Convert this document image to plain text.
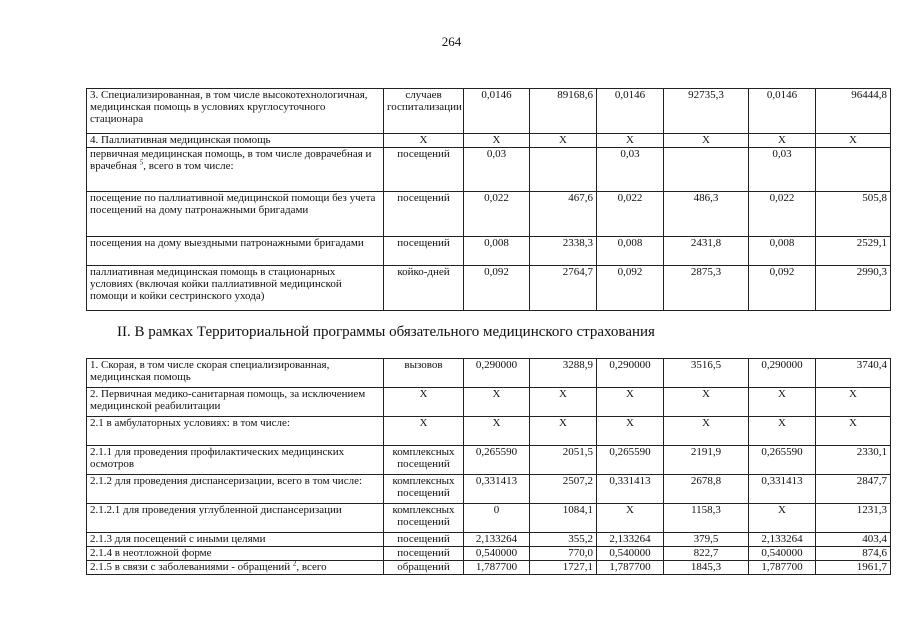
264
3. Специализированная, в том числе высокотехнологичная, медицинская помощь в условиях круглосуточного стационара	случаев госпитализации	0,0146	89168,6	0,0146	92735,3	0,0146	96444,8
4. Паллиативная медицинская помощь	X	X	X	X	X	X	X
первичная медицинская помощь, в том числе доврачебная и врачебная $^5$, всего в том числе:	посещений	0,03		0,03		0,03	
посещение по паллиативной медицинской помощи без учета посещений на дому патронажными бригадами	посещений	0,022	467,6	0,022	486,3	0,022	505,8
посещения на дому выездными патронажными бригадами	посещений	0,008	2338,3	0,008	2431,8	0,008	2529,1
паллиативная медицинская помощь в стационарных условиях (включая койки паллиативной медицинской помощи и койки сестринского ухода)	койко-дней	0,092	2764,7	0,092	2875,3	0,092	2990,3
II. В рамках Территориальной программы обязательного медицинского страхования
1. Скорая, в том числе скорая специализированная, медицинская помощь	вызовов	0,290000	3288,9	0,290000	3516,5	0,290000	3740,4
2. Первичная медико-санитарная помощь, за исключением медицинской реабилитации	X	X	X	X	X	X	X
2.1 в амбулаторных условиях: в том числе:	X	X	X	X	X	X	X
2.1.1 для проведения профилактических медицинских осмотров	комплексных посещений	0,265590	2051,5	0,265590	2191,9	0,265590	2330,1
2.1.2 для проведения диспансеризации, всего в том числе:	комплексных посещений	0,331413	2507,2	0,331413	2678,8	0,331413	2847,7
2.1.2.1 для проведения углубленной диспансеризации	комплексных посещений	0	1084,1	X	1158,3	X	1231,3
2.1.3 для посещений с иными целями	посещений	2,133264	355,2	2,133264	379,5	2,133264	403,4
2.1.4 в неотложной форме	посещений	0,540000	770,0	0,540000	822,7	0,540000	874,6
2.1.5 в связи с заболеваниями - обращений $^2$, всего	обращений	1,787700	1727,1	1,787700	1845,3	1,787700	1961,7
